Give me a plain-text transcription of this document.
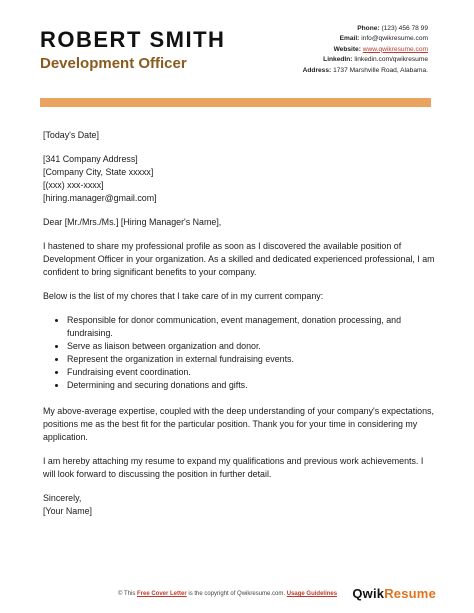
ROBERT SMITH
Development Officer
Phone: (123) 456 78 99
Email: info@qwikresume.com
Website: www.qwikresume.com
LinkedIn: linkedin.com/qwikresume
Address: 1737 Marshville Road, Alabama.

[Today's Date]

[341 Company Address]
[Company City, State xxxxx]
[(xxx) xxx-xxxx]
[hiring.manager@gmail.com]

Dear [Mr./Mrs./Ms.] [Hiring Manager's Name],

I hastened to share my professional profile as soon as I discovered the available position of Development Officer in your organization. As a skilled and dedicated experienced professional, I am confident to bring significant benefits to your company.

Below is the list of my chores that I take care of in my current company:

• Responsible for donor communication, event management, donation processing, and fundraising.
• Serve as liaison between organization and donor.
• Represent the organization in external fundraising events.
• Fundraising event coordination.
• Determining and securing donations and gifts.

My above-average expertise, coupled with the deep understanding of your company's expectations, positions me as the best fit for the particular position. Thank you for your time in considering my application.

I am hereby attaching my resume to expand my qualifications and previous work achievements. I will look forward to discussing the position in further detail.

Sincerely,
[Your Name]

© This Free Cover Letter is the copyright of Qwikresume.com. Usage Guidelines QwikResume
